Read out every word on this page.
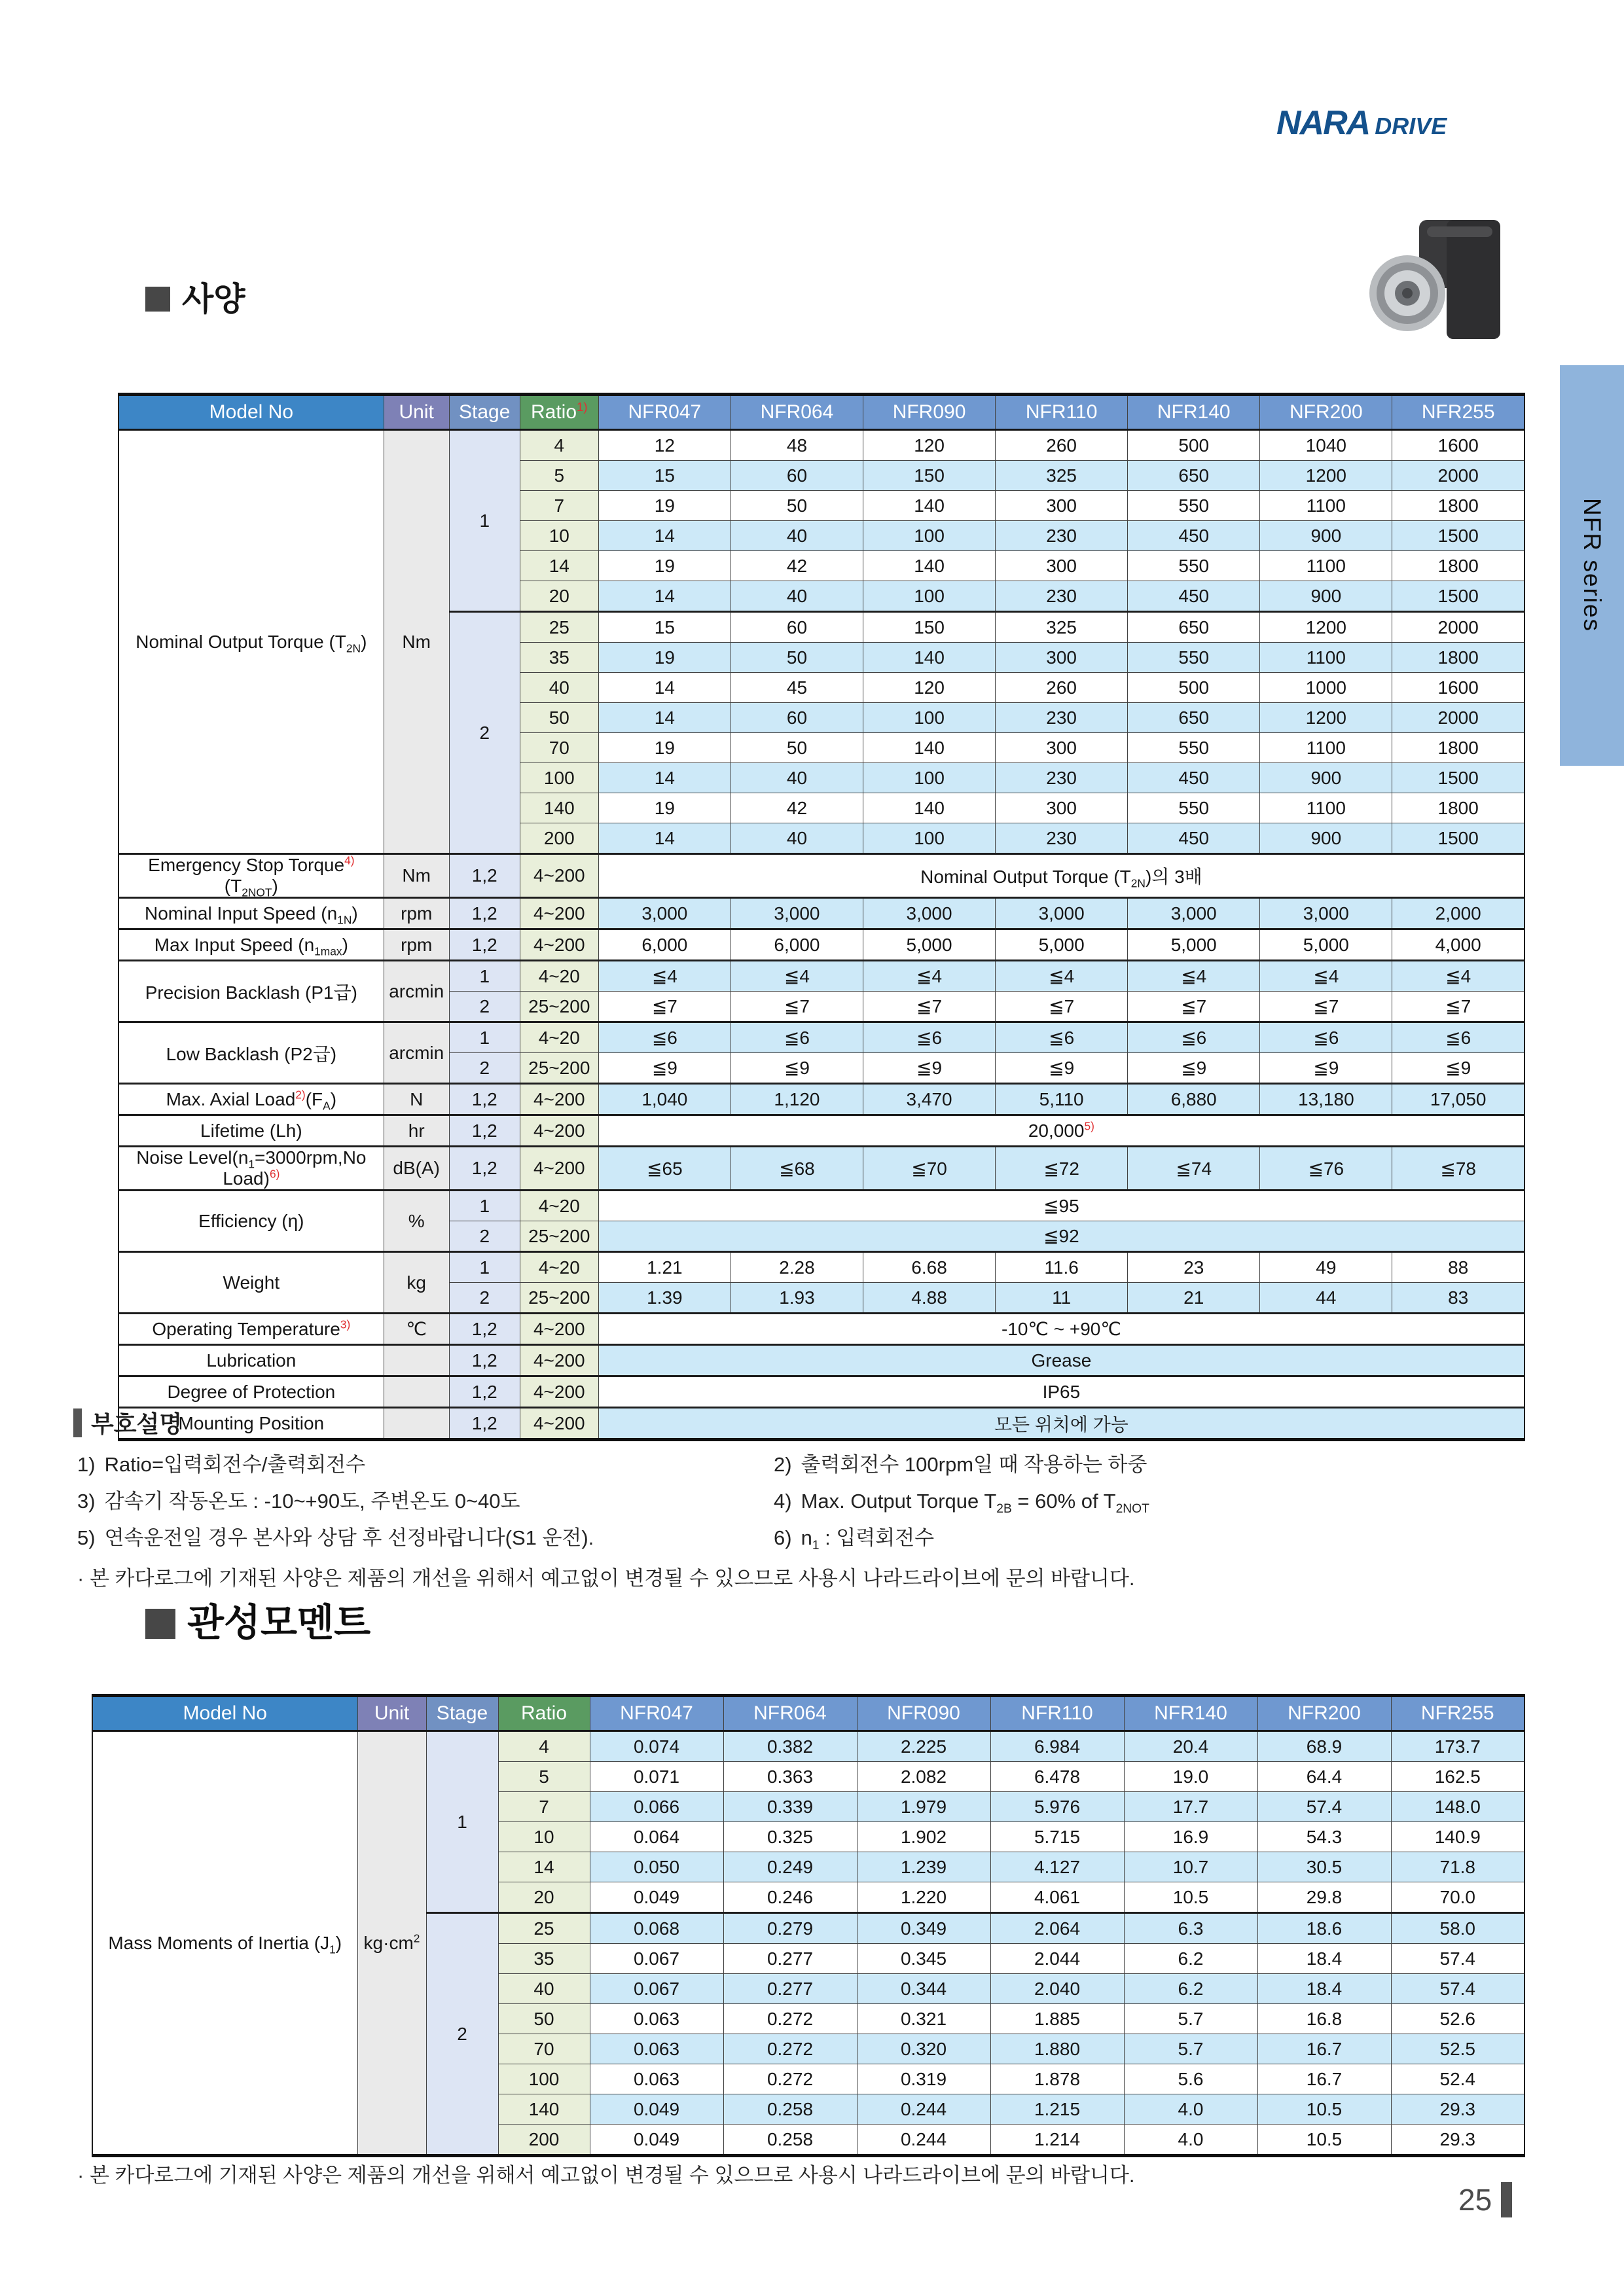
NARA DRIVE
NFR series
사양
Model No	Unit	Stage	Ratio$^{1)}$	NFR047	NFR064	NFR090	NFR110	NFR140	NFR200	NFR255
Nominal Output Torque $(T_{2N})$	Nm	1	4	12	48	120	260	500	1040	1600
			5	15	60	150	325	650	1200	2000
			7	19	50	140	300	550	1100	1800
			10	14	40	100	230	450	900	1500
			14	19	42	140	300	550	1100	1800
			20	14	40	100	230	450	900	1500
		2	25	15	60	150	325	650	1200	2000
			35	19	50	140	300	550	1100	1800
			40	14	45	120	260	500	1000	1600
			50	14	60	100	230	650	1200	2000
			70	19	50	140	300	550	1100	1800
			100	14	40	100	230	450	900	1500
			140	19	42	140	300	550	1100	1800
			200	14	40	100	230	450	900	1500
Emergency Stop $Torque^{4)}(T_{2NOT})$	Nm	1,2	4~200	Nominal Output Torque $(T_{2N})$의 3배						
Nominal Input Speed $(n_{1N})$	rpm	1,2	4~200	3,000	3,000	3,000	3,000	3,000	3,000	2,000
Max Input Speed $(n_{1max})$	rpm	1,2	4~200	6,000	6,000	5,000	5,000	5,000	5,000	4,000
Precision Backlash (P1급)	arcmin	1	4~20	≦4	≦4	≦4	≦4	≦4	≦4	≦4
		2	25~200	≦7	≦7	≦7	≦7	≦7	≦7	≦7
Low Backlash (P2급)	arcmin	1	4~20	≦6	≦6	≦6	≦6	≦6	≦6	≦6
		2	25~200	≦9	≦9	≦9	≦9	≦9	≦9	≦9
Max. Axial $Load^{2)}(F_A)$	N	1,2	4~200	1,040	1,120	3,470	5,110	6,880	13,180	17,050
Lifetime (Lh)	hr	1,2	4~200	20,000$^{5)}$
Noise $Level(n_1=3000rpm,No$ Load)$^{6)}$	dB(A)	1,2	4~200	≦65	≦68	≦70	≦72	≦74	≦76	≦78
Efficiency (η)	%	1	4~20	≦95						
		2	25~200	≦92						
Weight	kg	1	4~20	1.21	2.28	6.68	11.6	23	49	88
		2	25~200	1.39	1.93	4.88	11	21	44	83
Operating Temperature$^{3)}$	℃	1,2	4~200	-10℃ ~ +90℃						
Lubrication		1,2	4~200	Grease						
Degree of Protection		1,2	4~200	IP65						
Mounting Position		1,2	4~200	모든 위치에 가능						
부호설명
1) Ratio=입력회전수/출력회전수
3) 감속기 작동온도 : -10~+90도, 주변온도 0~40도
5) 연속운전일 경우 본사와 상담 후 선정바랍니다(S1 운전).
2) 출력회전수 100rpm일 때 작용하는 하중
4) Max. Output Torque $T_{2B} = 60\%$ of $T_{2NOT}$
6) $n_1$ : 입력회전수
· 본 카다로그에 기재된 사양은 제품의 개선을 위해서 예고없이 변경될 수 있으므로 사용시 나라드라이브에 문의 바랍니다.
관성모멘트
Model No	Unit	Stage	Ratio	NFR047	NFR064	NFR090	NFR110	NFR140	NFR200	NFR255
Mass Moments of Inertia $(J_1)$	$kg\cdot cm^2$	1	4	0.074	0.382	2.225	6.984	20.4	68.9	173.7
			5	0.071	0.363	2.082	6.478	19.0	64.4	162.5
			7	0.066	0.339	1.979	5.976	17.7	57.4	148.0
			10	0.064	0.325	1.902	5.715	16.9	54.3	140.9
			14	0.050	0.249	1.239	4.127	10.7	30.5	71.8
			20	0.049	0.246	1.220	4.061	10.5	29.8	70.0
		2	25	0.068	0.279	0.349	2.064	6.3	18.6	58.0
			35	0.067	0.277	0.345	2.044	6.2	18.4	57.4
			40	0.067	0.277	0.344	2.040	6.2	18.4	57.4
			50	0.063	0.272	0.321	1.885	5.7	16.8	52.6
			70	0.063	0.272	0.320	1.880	5.7	16.7	52.5
			100	0.063	0.272	0.319	1.878	5.6	16.7	52.4
			140	0.049	0.258	0.244	1.215	4.0	10.5	29.3
			200	0.049	0.258	0.244	1.214	4.0	10.5	29.3
· 본 카다로그에 기재된 사양은 제품의 개선을 위해서 예고없이 변경될 수 있으므로 사용시 나라드라이브에 문의 바랍니다.
25
